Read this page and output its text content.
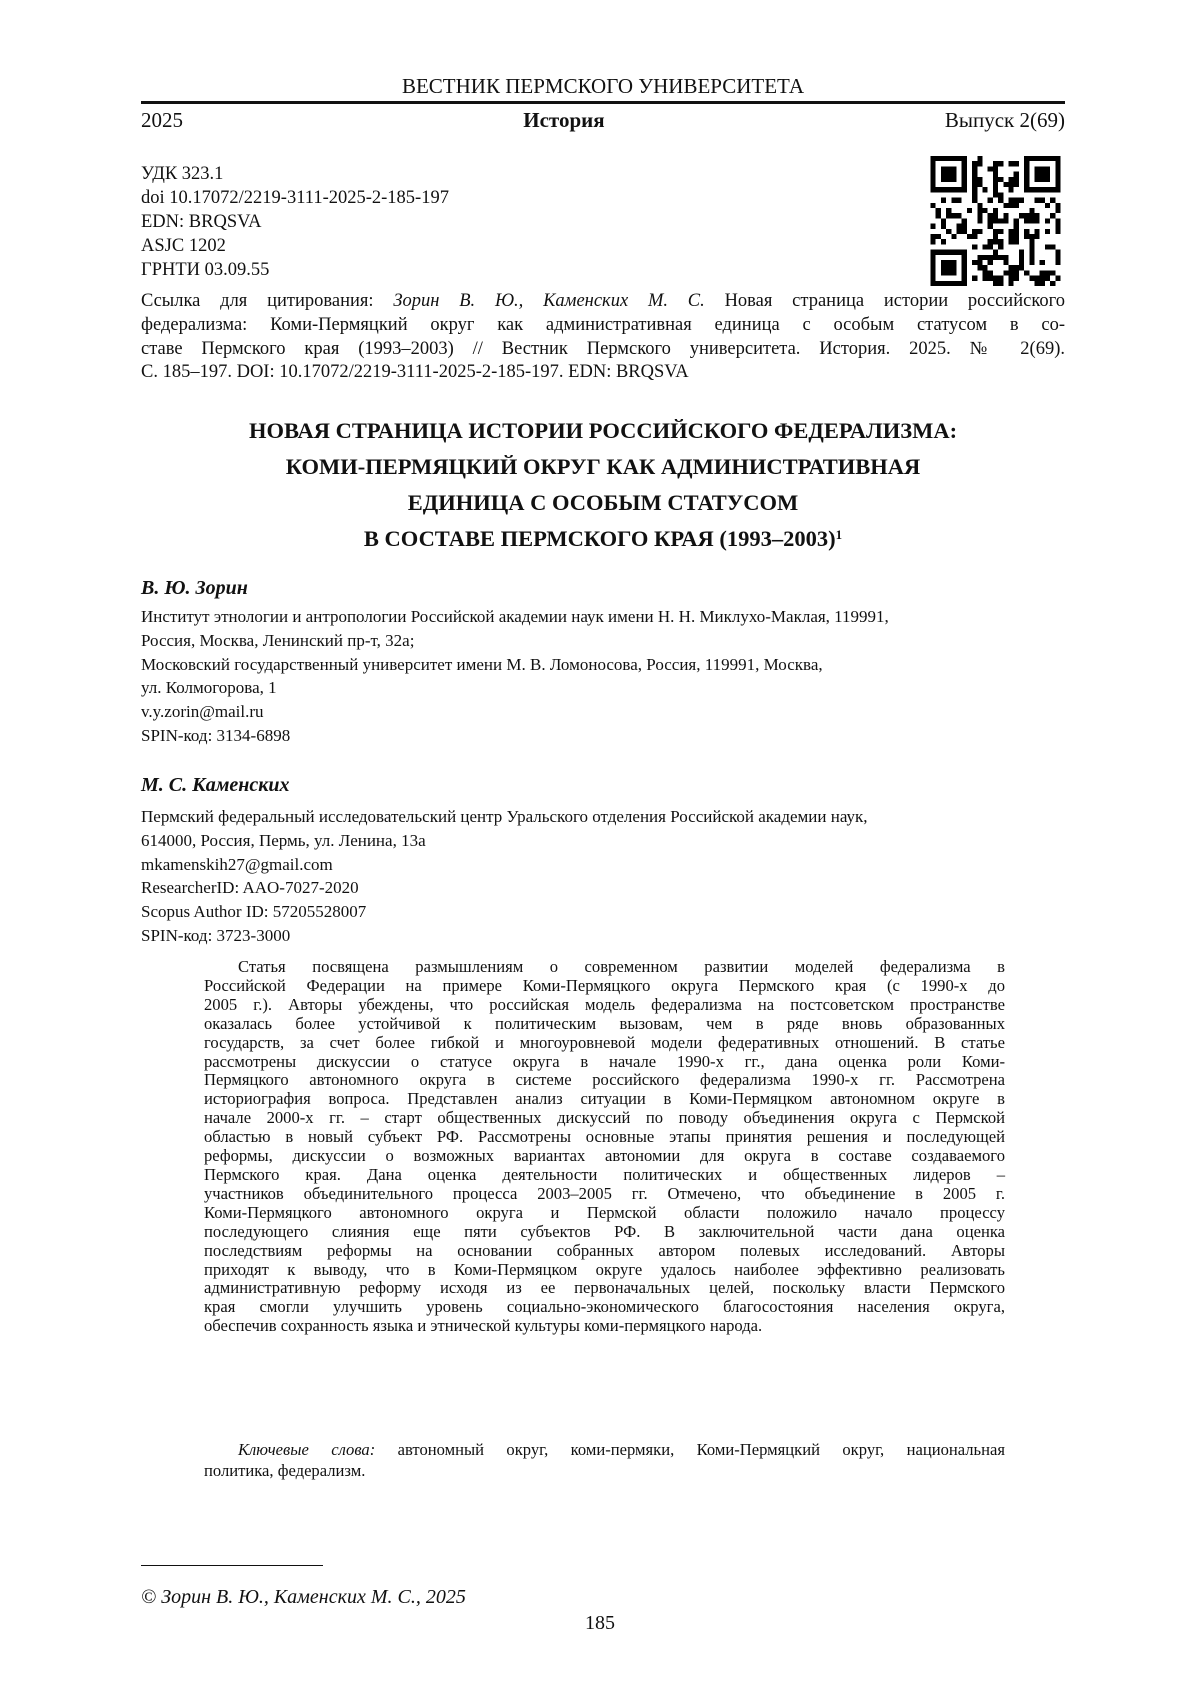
ВЕСТНИК ПЕРМСКОГО УНИВЕРСИТЕТА
2025	История	Выпуск 2(69)
УДК 323.1
doi 10.17072/2219-3111-2025-2-185-197
EDN: BRQSVA
ASJC 1202
ГРНТИ 03.09.55
Ссылка для цитирования: Зорин В. Ю., Каменских М. С. Новая страница истории российского
федерализма: Коми-Пермяцкий округ как административная единица с особым статусом в со-
ставе Пермского края (1993–2003) // Вестник Пермского университета. История. 2025. № 2(69).
С. 185–197. DOI: 10.17072/2219-3111-2025-2-185-197. EDN: BRQSVA
НОВАЯ СТРАНИЦА ИСТОРИИ РОССИЙСКОГО ФЕДЕРАЛИЗМА:
КОМИ-ПЕРМЯЦКИЙ ОКРУГ КАК АДМИНИСТРАТИВНАЯ
ЕДИНИЦА С ОСОБЫМ СТАТУСОМ
В СОСТАВЕ ПЕРМСКОГО КРАЯ (1993–2003)$^1$
В. Ю. Зорин
Институт этнологии и антропологии Российской академии наук имени Н. Н. Миклухо-Маклая, 119991,
Россия, Москва, Ленинский пр-т, 32а;
Московский государственный университет имени М. В. Ломоносова, Россия, 119991, Москва,
ул. Колмогорова, 1
v.y.zorin@mail.ru
SPIN-код: 3134-6898
М. С. Каменских
Пермский федеральный исследовательский центр Уральского отделения Российской академии наук,
614000, Россия, Пермь, ул. Ленина, 13а
mkamenskih27@gmail.com
ResearcherID: AAO-7027-2020
Scopus Author ID: 57205528007
SPIN-код: 3723-3000
Статья посвящена размышлениям о современном развитии моделей федерализма в
Российской Федерации на примере Коми-Пермяцкого округа Пермского края (с 1990-х до
2005 г.). Авторы убеждены, что российская модель федерализма на постсоветском пространстве
оказалась более устойчивой к политическим вызовам, чем в ряде вновь образованных
государств, за счет более гибкой и многоуровневой модели федеративных отношений. В статье
рассмотрены дискуссии о статусе округа в начале 1990-х гг., дана оценка роли Коми-
Пермяцкого автономного округа в системе российского федерализма 1990-х гг. Рассмотрена
историография вопроса. Представлен анализ ситуации в Коми-Пермяцком автономном округе в
начале 2000-х гг. – старт общественных дискуссий по поводу объединения округа с Пермской
областью в новый субъект РФ. Рассмотрены основные этапы принятия решения и последующей
реформы, дискуссии о возможных вариантах автономии для округа в составе создаваемого
Пермского края. Дана оценка деятельности политических и общественных лидеров –
участников объединительного процесса 2003–2005 гг. Отмечено, что объединение в 2005 г.
Коми-Пермяцкого автономного округа и Пермской области положило начало процессу
последующего слияния еще пяти субъектов РФ. В заключительной части дана оценка
последствиям реформы на основании собранных автором полевых исследований. Авторы
приходят к выводу, что в Коми-Пермяцком округе удалось наиболее эффективно реализовать
административную реформу исходя из ее первоначальных целей, поскольку власти Пермского
края смогли улучшить уровень социально-экономического благосостояния населения округа,
обеспечив сохранность языка и этнической культуры коми-пермяцкого народа.
Ключевые слова: автономный округ, коми-пермяки, Коми-Пермяцкий округ, национальная
политика, федерализм.
© Зорин В. Ю., Каменских М. С., 2025
185
